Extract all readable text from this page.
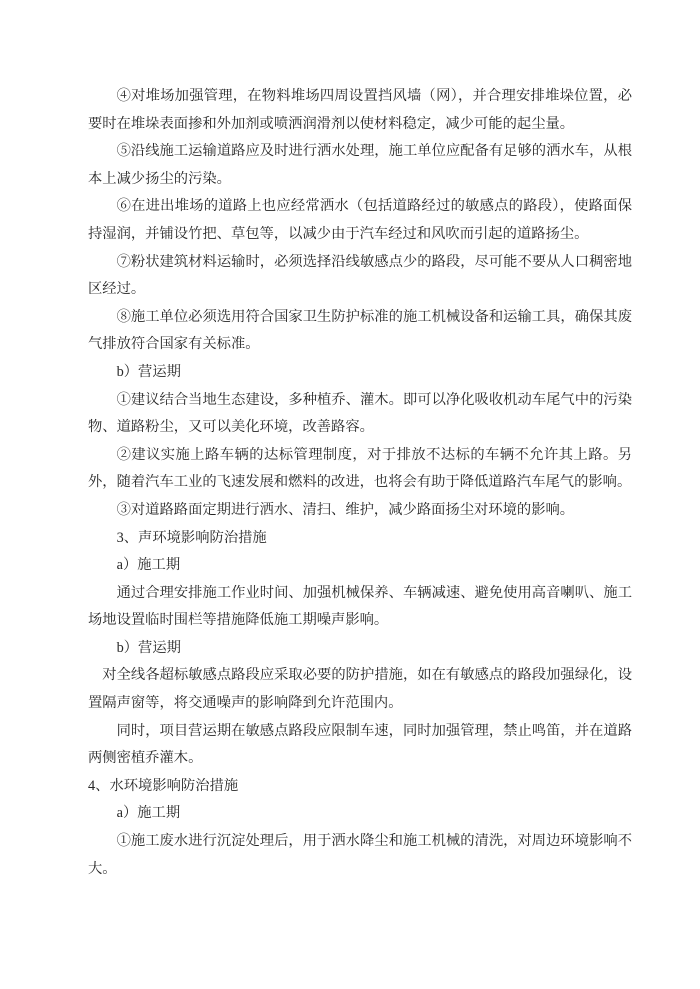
④对堆场加强管理，在物料堆场四周设置挡风墙（网），并合理安排堆垛位置，必要时在堆垛表面掺和外加剂或喷洒润滑剂以使材料稳定，减少可能的起尘量。

⑤沿线施工运输道路应及时进行洒水处理，施工单位应配备有足够的洒水车，从根本上减少扬尘的污染。

⑥在进出堆场的道路上也应经常洒水（包括道路经过的敏感点的路段），使路面保持湿润，并铺设竹把、草包等，以减少由于汽车经过和风吹而引起的道路扬尘。

⑦粉状建筑材料运输时，必须选择沿线敏感点少的路段，尽可能不要从人口稠密地区经过。

⑧施工单位必须选用符合国家卫生防护标准的施工机械设备和运输工具，确保其废气排放符合国家有关标准。

b）营运期

①建议结合当地生态建设，多种植乔、灌木。即可以净化吸收机动车尾气中的污染物、道路粉尘，又可以美化环境，改善路容。

②建议实施上路车辆的达标管理制度，对于排放不达标的车辆不允许其上路。另外，随着汽车工业的飞速发展和燃料的改进，也将会有助于降低道路汽车尾气的影响。

③对道路路面定期进行洒水、清扫、维护，减少路面扬尘对环境的影响。

3、声环境影响防治措施

a）施工期

通过合理安排施工作业时间、加强机械保养、车辆减速、避免使用高音喇叭、施工场地设置临时围栏等措施降低施工期噪声影响。

b）营运期

对全线各超标敏感点路段应采取必要的防护措施，如在有敏感点的路段加强绿化，设置隔声窗等，将交通噪声的影响降到允许范围内。

同时，项目营运期在敏感点路段应限制车速，同时加强管理，禁止鸣笛，并在道路两侧密植乔灌木。

4、水环境影响防治措施

a）施工期

①施工废水进行沉淀处理后，用于洒水降尘和施工机械的清洗，对周边环境影响不大。
